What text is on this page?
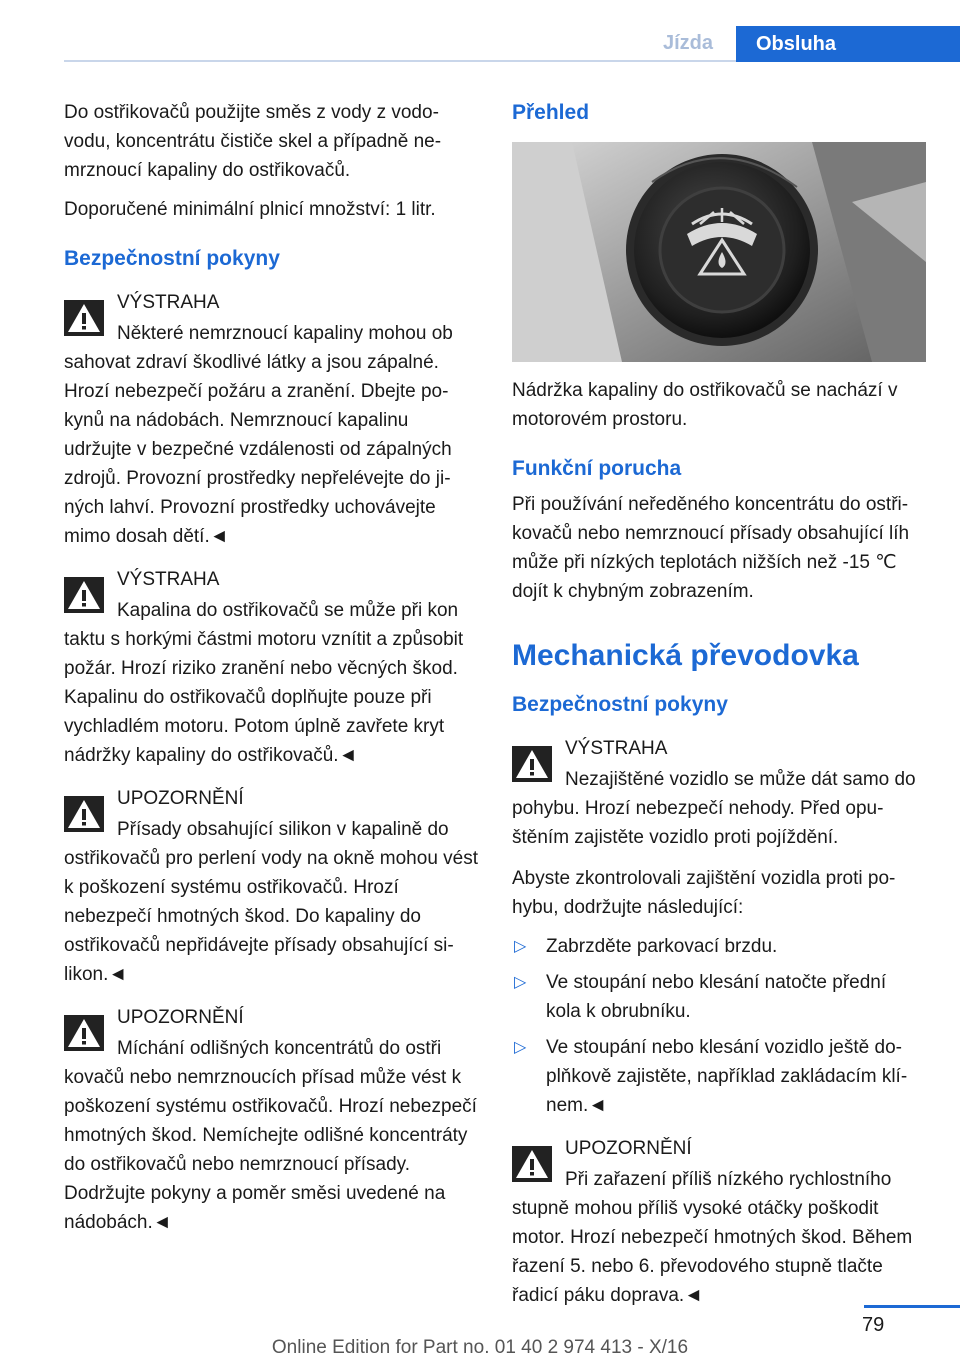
Jízda	Obsluha

Do ostřikovačů použijte směs z vody z vodovodu, koncentrátu čističe skel a případně nemrznoucí kapaliny do ostřikovačů.

Doporučené minimální plnicí množství: 1 litr.

Bezpečnostní pokyny
VÝSTRAHA
Některé nemrznoucí kapaliny mohou ob
sahovat zdraví škodlivé látky a jsou zápalné. Hrozí nebezpečí požáru a zranění. Dbejte pokynů na nádobách. Nemrznoucí kapalinu udržujte v bezpečné vzdálenosti od zápalných zdrojů. Provozní prostředky nepřelévejte do jiných lahví. Provozní prostředky uchovávejte mimo dosah dětí.◄
VÝSTRAHA
Kapalina do ostřikovačů se může při kon
taktu s horkými částmi motoru vznítit a způsobit požár. Hrozí riziko zranění nebo věcných škod. Kapalinu do ostřikovačů doplňujte pouze při vychladlém motoru. Potom úplně zavřete kryt nádržky kapaliny do ostřikovačů.◄
UPOZORNĚNÍ
Přísady obsahující silikon v kapalině do
ostřikovačů pro perlení vody na okně mohou vést k poškození systému ostřikovačů. Hrozí nebezpečí hmotných škod. Do kapaliny do ostřikovačů nepřidávejte přísady obsahující silikon.◄
UPOZORNĚNÍ
Míchání odlišných koncentrátů do ostři
kovačů nebo nemrznoucích přísad může vést k poškození systému ostřikovačů. Hrozí nebezpečí hmotných škod. Nemíchejte odlišné koncentráty do ostřikovačů nebo nemrznoucí přísady. Dodržujte pokyny a poměr směsi uvedené na nádobách.◄
Přehled

Nádržka kapaliny do ostřikovačů se nachází v motorovém prostoru.

Funkční porucha

Při používání neředěného koncentrátu do ostřikovačů nebo nemrznoucí přísady obsahující líh může při nízkých teplotách nižších než -15 ℃ dojít k chybným zobrazením.

Mechanická převodovka
Bezpečnostní pokyny
VÝSTRAHA
Nezajištěné vozidlo se může dát samo do
pohybu. Hrozí nebezpečí nehody. Před opuštěním zajistěte vozidlo proti pojíždění.

Abyste zkontrolovali zajištění vozidla proti pohybu, dodržujte následující:

▷ Zabrzděte parkovací brzdu.
▷ Ve stoupání nebo klesání natočte přední kola k obrubníku.
▷ Ve stoupání nebo klesání vozidlo ještě doplňkově zajistěte, například zakládacím klínem.◄
UPOZORNĚNÍ
Při zařazení příliš nízkého rychlostního
stupně mohou příliš vysoké otáčky poškodit motor. Hrozí nebezpečí hmotných škod. Během řazení 5. nebo 6. převodového stupně tlačte řadicí páku doprava.◄
79
Online Edition for Part no. 01 40 2 974 413 - X/16
